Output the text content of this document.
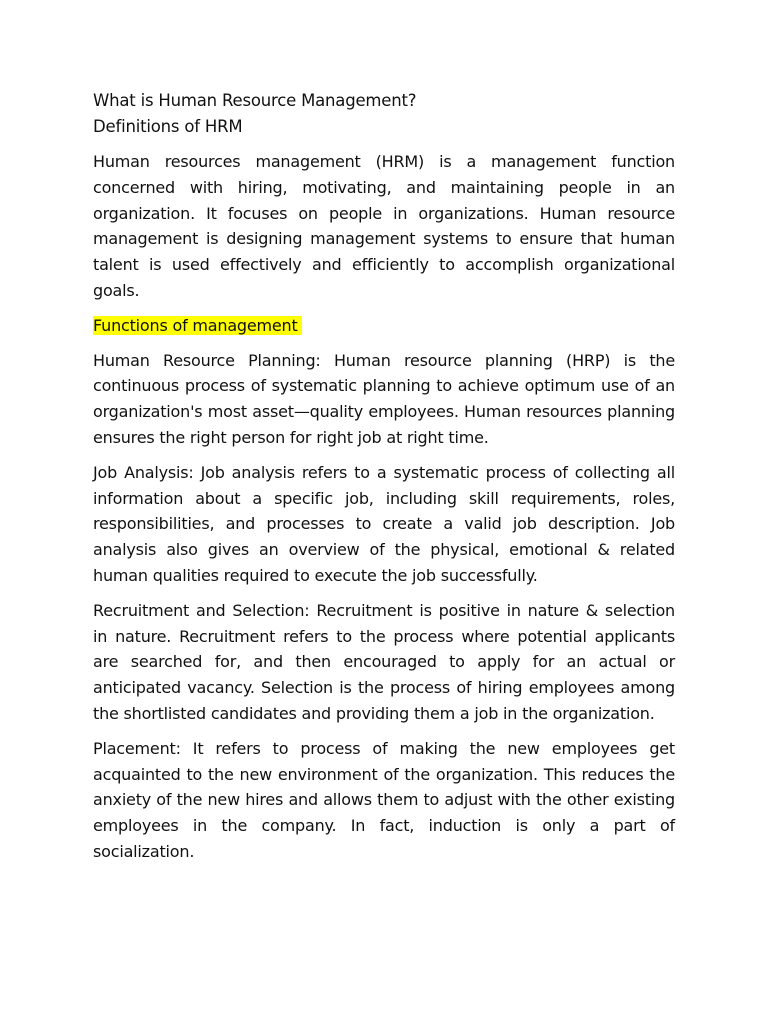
What is Human Resource Management?
Definitions of HRM

Human resources management (HRM) is a management function concerned with hiring, motivating, and maintaining people in an organization. It focuses on people in organizations. Human resource management is designing management systems to ensure that human talent is used effectively and efficiently to accomplish organizational goals.

Functions of management

Human Resource Planning: Human resource planning (HRP) is the continuous process of systematic planning to achieve optimum use of an organization's most asset—quality employees. Human resources planning ensures the right person for right job at right time.

Job Analysis: Job analysis refers to a systematic process of collecting all information about a specific job, including skill requirements, roles, responsibilities, and processes to create a valid job description. Job analysis also gives an overview of the physical, emotional & related human qualities required to execute the job successfully.

Recruitment and Selection: Recruitment is positive in nature & selection in nature. Recruitment refers to the process where potential applicants are searched for, and then encouraged to apply for an actual or anticipated vacancy. Selection is the process of hiring employees among the shortlisted candidates and providing them a job in the organization.

Placement: It refers to process of making the new employees get acquainted to the new environment of the organization. This reduces the anxiety of the new hires and allows them to adjust with the other existing employees in the company. In fact, induction is only a part of socialization.
